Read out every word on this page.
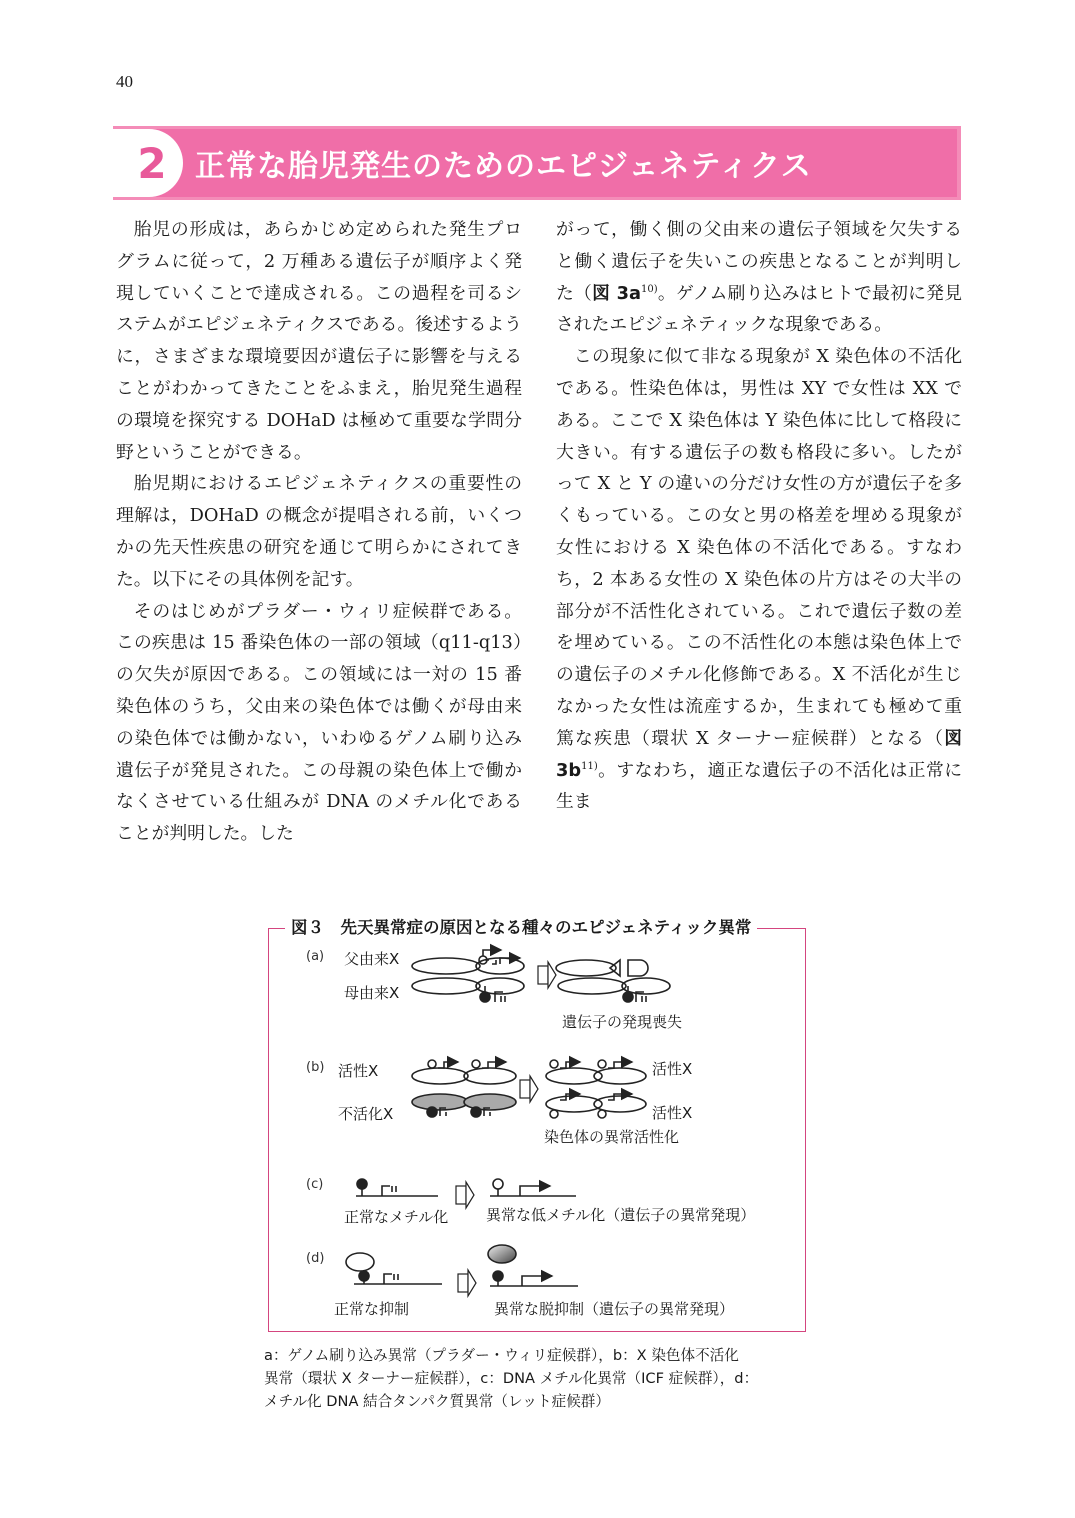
40
2 正常な胎児発生のためのエピジェネティクス

胎児の形成は，あらかじめ定められた発生プログラムに従って，2 万種ある遺伝子が順序よく発現していくことで達成される。この過程を司るシステムがエピジェネティクスである。後述するように，さまざまな環境要因が遺伝子に影響を与えることがわかってきたことをふまえ，胎児発生過程の環境を探究する DOHaD は極めて重要な学問分野ということができる。

胎児期におけるエピジェネティクスの重要性の理解は，DOHaD の概念が提唱される前，いくつかの先天性疾患の研究を通じて明らかにされてきた。以下にその具体例を記す。

そのはじめがプラダー・ウィリ症候群である。この疾患は 15 番染色体の一部の領域（q11-q13）の欠失が原因である。この領域には一対の 15 番染色体のうち，父由来の染色体では働くが母由来の染色体では働かない，いわゆるゲノム刷り込み遺伝子が発見された。この母親の染色体上で働かなくさせている仕組みが DNA のメチル化であることが判明した。した

がって，働く側の父由来の遺伝子領域を欠失すると働く遺伝子を失いこの疾患となることが判明した（図 3a$^{10)}$。ゲノム刷り込みはヒトで最初に発見されたエピジェネティックな現象である。

この現象に似て非なる現象が X 染色体の不活化である。性染色体は，男性は XY で女性は XX である。ここで X 染色体は Y 染色体に比して格段に大きい。有する遺伝子の数も格段に多い。したがって X と Y の違いの分だけ女性の方が遺伝子を多くもっている。この女と男の格差を埋める現象が女性における X 染色体の不活化である。すなわち，2 本ある女性の X 染色体の片方はその大半の部分が不活性化されている。これで遺伝子数の差を埋めている。この不活性化の本態は染色体上での遺伝子のメチル化修飾である。X 不活化が生じなかった女性は流産するか，生まれても極めて重篤な疾患（環状 X ターナー症候群）となる（図 3b$^{11)}$。すなわち，適正な遺伝子の不活化は正常に生ま

図３　先天異常症の原因となる種々のエピジェネティック異常
(a) 父由来X
母由来X
遺伝子の発現喪失
(b) 活性X
不活化X
活性X
活性X
染色体の異常活性化
(c)
正常なメチル化	異常な低メチル化（遺伝子の異常発現）
(d)
正常な抑制	異常な脱抑制（遺伝子の異常発現）
a：ゲノム刷り込み異常（プラダー・ウィリ症候群），b：X 染色体不活化
異常（環状 X ターナー症候群），c：DNA メチル化異常（ICF 症候群），d：
メチル化 DNA 結合タンパク質異常（レット症候群）
